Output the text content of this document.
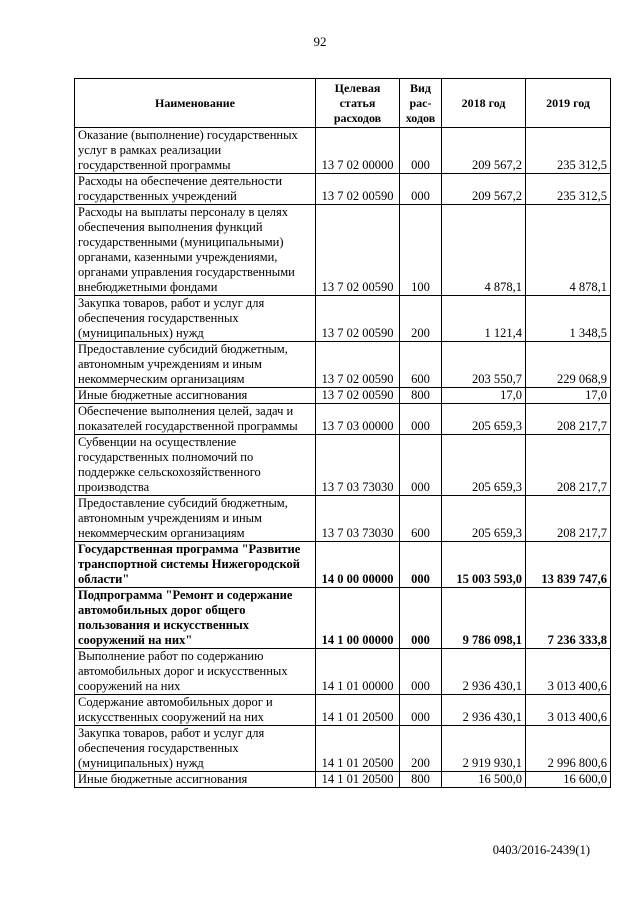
92
Наименование	Целевая статья расходов	Вид рас-ходов	2018 год	2019 год
Оказание (выполнение) государственных услуг в рамках реализации государственной программы	13 7 02 00000	000	209 567,2	235 312,5
Расходы на обеспечение деятельности государственных учреждений	13 7 02 00590	000	209 567,2	235 312,5
Расходы на выплаты персоналу в целях обеспечения выполнения функций государственными (муниципальными) органами, казенными учреждениями, органами управления государственными внебюджетными фондами	13 7 02 00590	100	4 878,1	4 878,1
Закупка товаров, работ и услуг для обеспечения государственных (муниципальных) нужд	13 7 02 00590	200	1 121,4	1 348,5
Предоставление субсидий бюджетным, автономным учреждениям и иным некоммерческим организациям	13 7 02 00590	600	203 550,7	229 068,9
Иные бюджетные ассигнования	13 7 02 00590	800	17,0	17,0
Обеспечение выполнения целей, задач и показателей государственной программы	13 7 03 00000	000	205 659,3	208 217,7
Субвенции на осуществление государственных полномочий по поддержке сельскохозяйственного производства	13 7 03 73030	000	205 659,3	208 217,7
Предоставление субсидий бюджетным, автономным учреждениям и иным некоммерческим организациям	13 7 03 73030	600	205 659,3	208 217,7
Государственная программа "Развитие транспортной системы Нижегородской области"	14 0 00 00000	000	15 003 593,0	13 839 747,6
Подпрограмма "Ремонт и содержание автомобильных дорог общего пользования и искусственных сооружений на них"	14 1 00 00000	000	9 786 098,1	7 236 333,8
Выполнение работ по содержанию автомобильных дорог и искусственных сооружений на них	14 1 01 00000	000	2 936 430,1	3 013 400,6
Содержание автомобильных дорог и искусственных сооружений на них	14 1 01 20500	000	2 936 430,1	3 013 400,6
Закупка товаров, работ и услуг для обеспечения государственных (муниципальных) нужд	14 1 01 20500	200	2 919 930,1	2 996 800,6
Иные бюджетные ассигнования	14 1 01 20500	800	16 500,0	16 600,0
0403/2016-2439(1)
